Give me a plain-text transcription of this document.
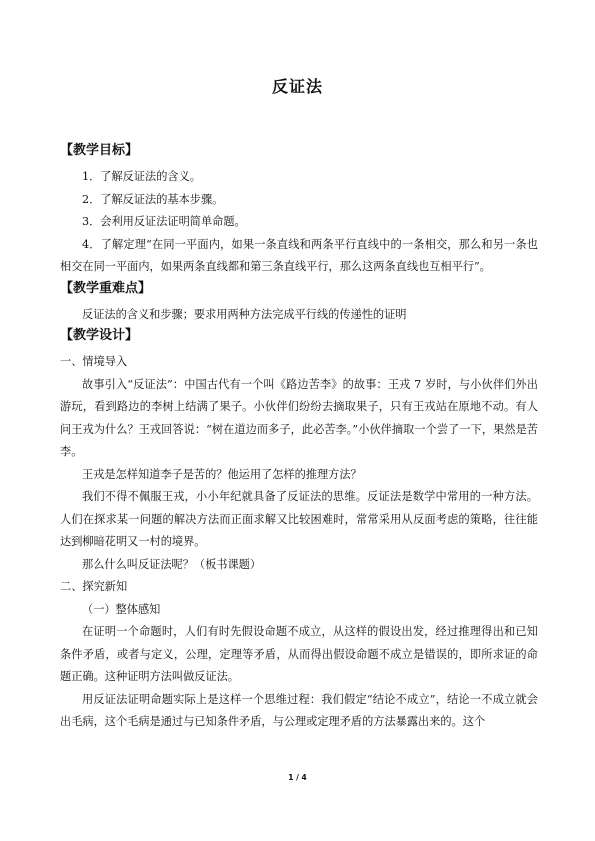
反证法

【教学目标】

1．了解反证法的含义。

2．了解反证法的基本步骤。

3．会利用反证法证明简单命题。

4．了解定理“在同一平面内，如果一条直线和两条平行直线中的一条相交，那么和另一条也相交在同一平面内，如果两条直线都和第三条直线平行，那么这两条直线也互相平行”。

【教学重难点】

反证法的含义和步骤；要求用两种方法完成平行线的传递性的证明

【教学设计】

一、情境导入

故事引入“反证法”：中国古代有一个叫《路边苦李》的故事：王戎 7 岁时，与小伙伴们外出游玩，看到路边的李树上结满了果子。小伙伴们纷纷去摘取果子，只有王戎站在原地不动。有人问王戎为什么？王戎回答说：“树在道边而多子，此必苦李。”小伙伴摘取一个尝了一下，果然是苦李。

王戎是怎样知道李子是苦的？他运用了怎样的推理方法？

我们不得不佩服王戎，小小年纪就具备了反证法的思维。反证法是数学中常用的一种方法。人们在探求某一问题的解决方法而正面求解又比较困难时，常常采用从反面考虑的策略，往往能达到柳暗花明又一村的境界。

那么什么叫反证法呢？（板书课题）

二、探究新知

（一）整体感知

在证明一个命题时，人们有时先假设命题不成立，从这样的假设出发，经过推理得出和已知条件矛盾，或者与定义，公理，定理等矛盾，从而得出假设命题不成立是错误的，即所求证的命题正确。这种证明方法叫做反证法。

用反证法证明命题实际上是这样一个思维过程：我们假定“结论不成立”，结论一不成立就会出毛病，这个毛病是通过与已知条件矛盾，与公理或定理矛盾的方法暴露出来的。这个

1 / 4
